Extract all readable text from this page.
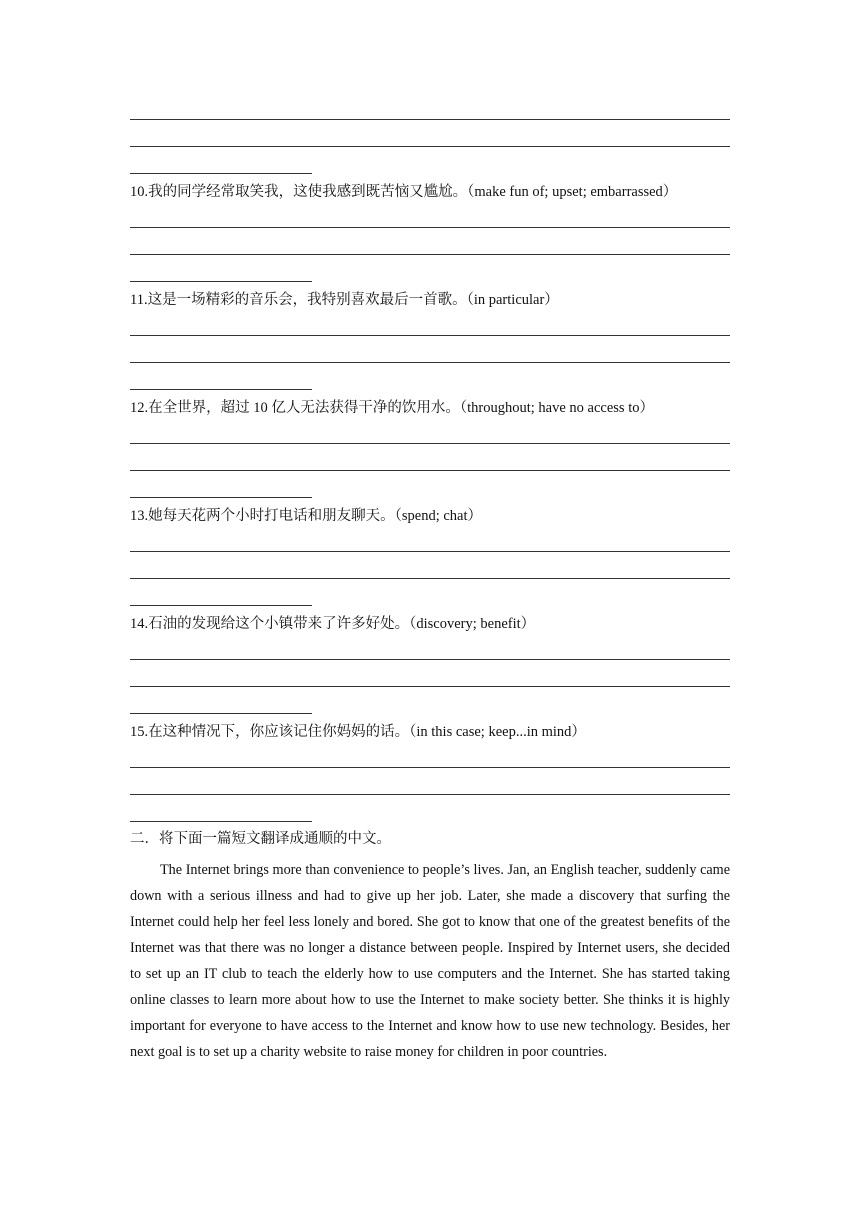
10.我的同学经常取笑我，这使我感到既苦恼又尴尬。（make fun of; upset; embarrassed）
11.这是一场精彩的音乐会，我特别喜欢最后一首歌。（in particular）
12.在全世界，超过 10 亿人无法获得干净的饮用水。（throughout; have no access to）
13.她每天花两个小时打电话和朋友聊天。（spend; chat）
14.石油的发现给这个小镇带来了许多好处。（discovery; benefit）
15.在这种情况下，你应该记住你妈妈的话。（in this case; keep...in mind）
二．将下面一篇短文翻译成通顺的中文。

The Internet brings more than convenience to people’s lives. Jan, an English teacher, suddenly came down with a serious illness and had to give up her job. Later, she made a discovery that surfing the Internet could help her feel less lonely and bored. She got to know that one of the greatest benefits of the Internet was that there was no longer a distance between people. Inspired by Internet users, she decided to set up an IT club to teach the elderly how to use computers and the Internet. She has started taking online classes to learn more about how to use the Internet to make society better. She thinks it is highly important for everyone to have access to the Internet and know how to use new technology. Besides, her next goal is to set up a charity website to raise money for children in poor countries.
